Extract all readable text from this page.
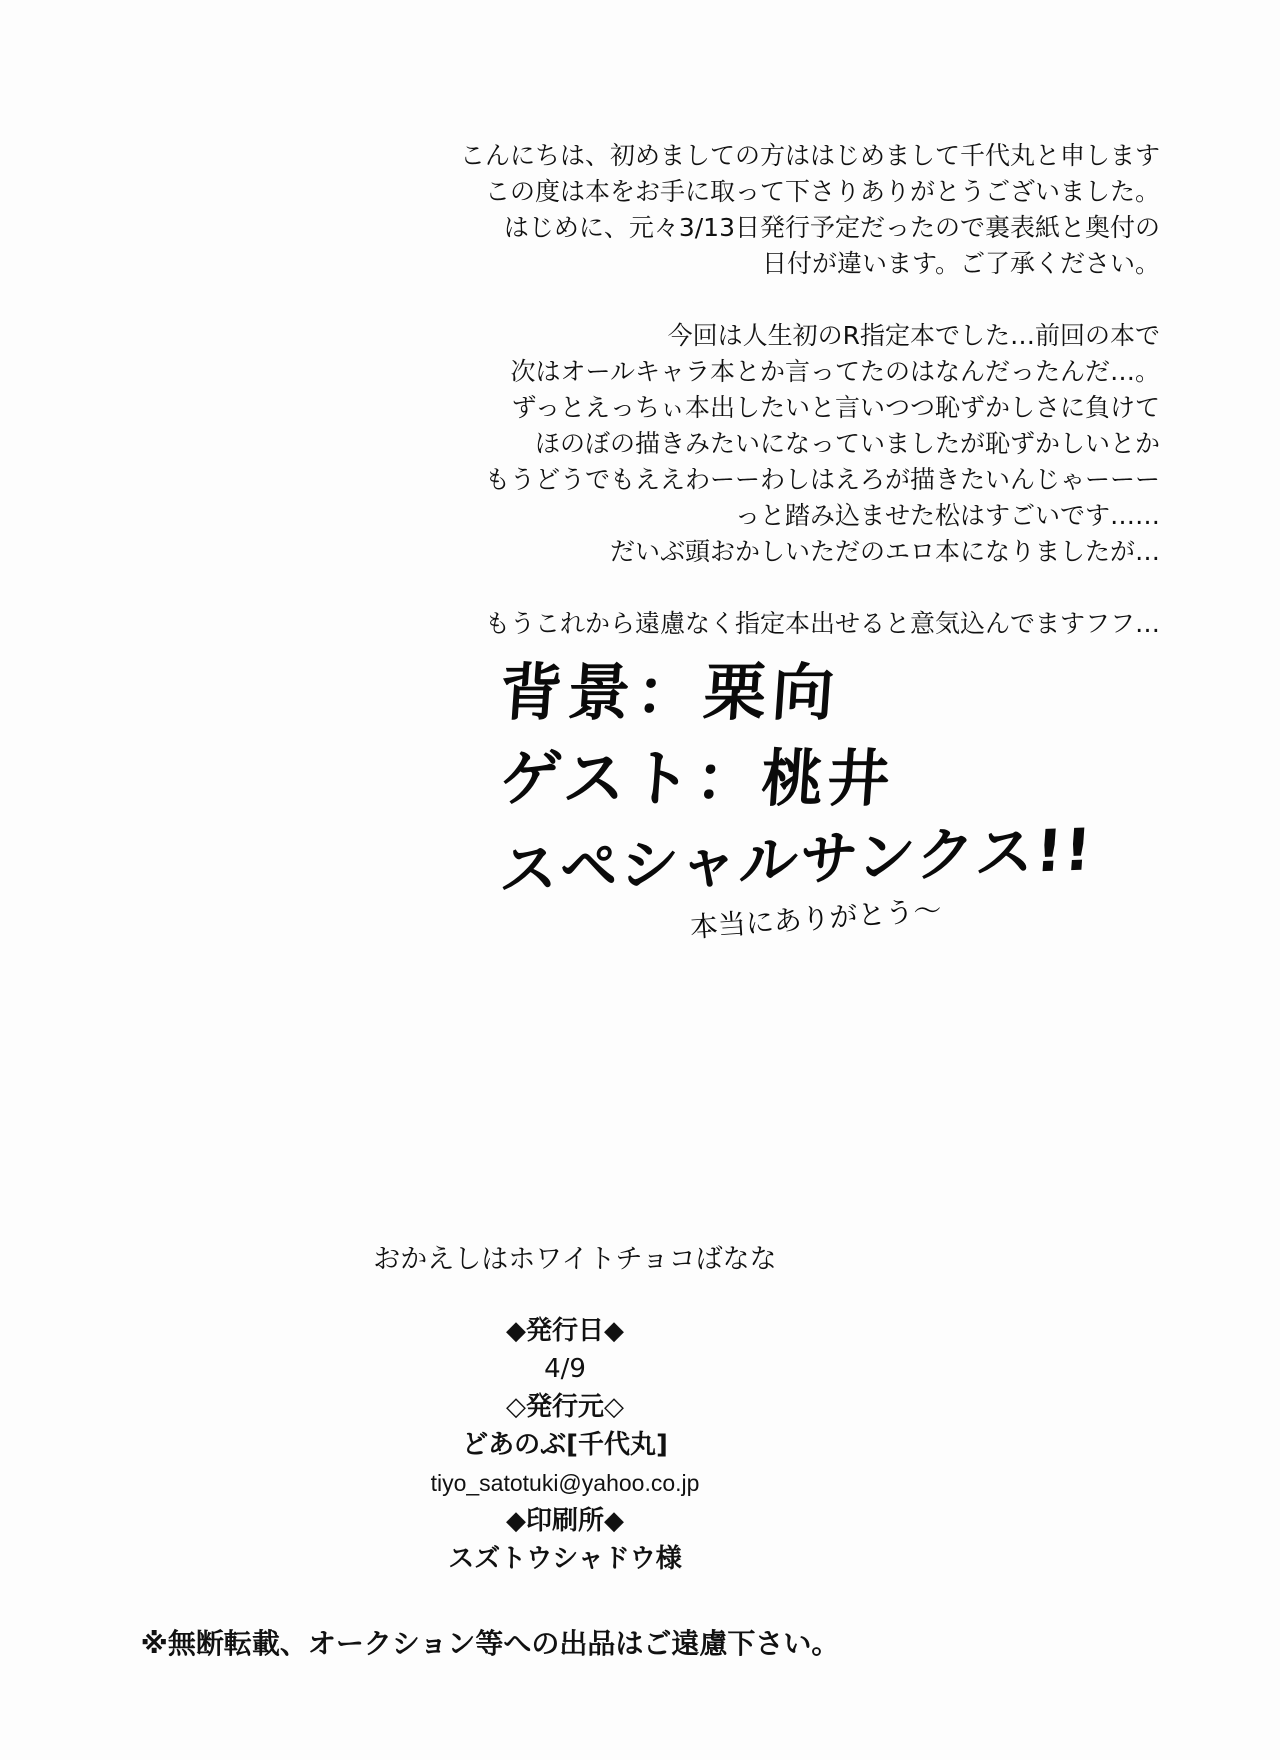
こんにちは、初めましての方ははじめまして千代丸と申します
この度は本をお手に取って下さりありがとうございました。
はじめに、元々3/13日発行予定だったので裏表紙と奥付の
日付が違います。ご了承ください。
今回は人生初のR指定本でした…前回の本で
次はオールキャラ本とか言ってたのはなんだったんだ…。
ずっとえっちぃ本出したいと言いつつ恥ずかしさに負けて
ほのぼの描きみたいになっていましたが恥ずかしいとか
もうどうでもええわーーわしはえろが描きたいんじゃーーー
っと踏み込ませた松はすごいです……
だいぶ頭おかしいただのエロ本になりましたが…
もうこれから遠慮なく指定本出せると意気込んでますフフ…
背景：栗向
ゲスト：桃井
スペシャルサンクス!!
本当にありがとう〜
おかえしはホワイトチョコばなな
◆発行日◆
4/9
◇発行元◇
どあのぶ[千代丸]
tiyo_satotuki@yahoo.co.jp
◆印刷所◆
スズトウシャドウ様
※無断転載、オークション等への出品はご遠慮下さい。
